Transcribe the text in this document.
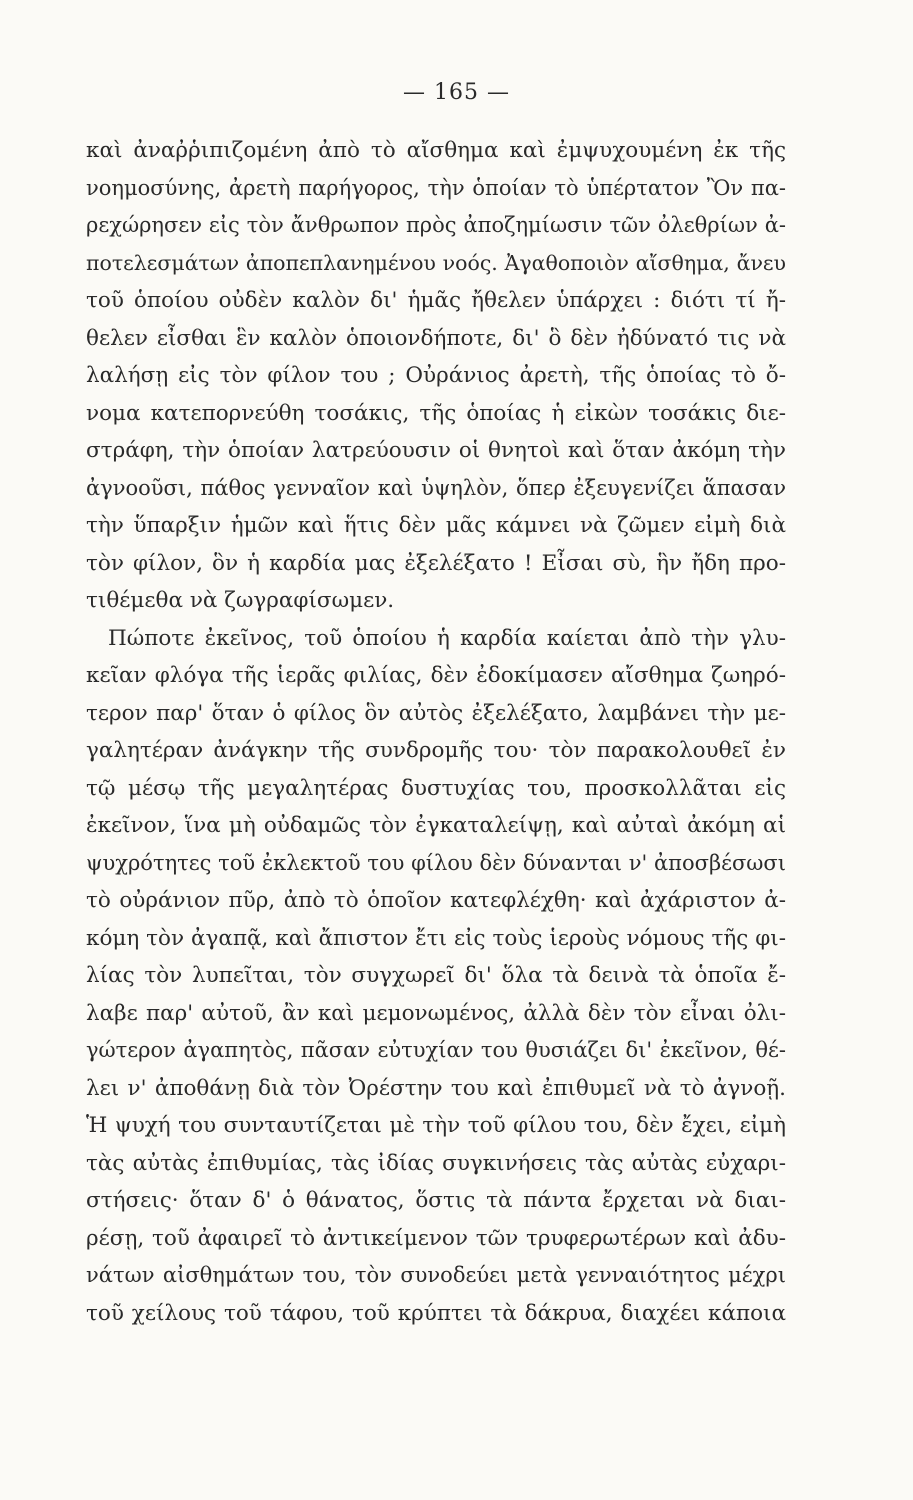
— 165 —
καὶ ἀναῤῥιπιζομένη ἀπὸ τὸ αἴσθημα καὶ ἐμψυχουμένη ἐκ τῆς
νοημοσύνης, ἀρετὴ παρήγορος, τὴν ὁποίαν τὸ ὑπέρτατον Ὂν πα-
ρεχώρησεν εἰς τὸν ἄνθρωπον πρὸς ἀποζημίωσιν τῶν ὀλεθρίων ἀ-
ποτελεσμάτων ἀποπεπλανημένου νοός. Ἀγαθοποιὸν αἴσθημα, ἄνευ
τοῦ ὁποίου οὐδὲν καλὸν δι' ἡμᾶς ἤθελεν ὑπάρχει : διότι τί ἤ-
θελεν εἶσθαι ἓν καλὸν ὁποιονδήποτε, δι' ὃ δὲν ἠδύνατό τις νὰ
λαλήσῃ εἰς τὸν φίλον του ; Οὐράνιος ἀρετὴ, τῆς ὁποίας τὸ ὄ-
νομα κατεπορνεύθη τοσάκις, τῆς ὁποίας ἡ εἰκὼν τοσάκις διε-
στράφη, τὴν ὁποίαν λατρεύουσιν οἱ θνητοὶ καὶ ὅταν ἀκόμη τὴν
ἀγνοοῦσι, πάθος γενναῖον καὶ ὑψηλὸν, ὅπερ ἐξευγενίζει ἅπασαν
τὴν ὕπαρξιν ἡμῶν καὶ ἥτις δὲν μᾶς κάμνει νὰ ζῶμεν εἰμὴ διὰ
τὸν φίλον, ὃν ἡ καρδία μας ἐξελέξατο ! Εἶσαι σὺ, ἣν ἤδη προ-
τιθέμεθα νὰ ζωγραφίσωμεν.
Πώποτε ἐκεῖνος, τοῦ ὁποίου ἡ καρδία καίεται ἀπὸ τὴν γλυ-
κεῖαν φλόγα τῆς ἱερᾶς φιλίας, δὲν ἐδοκίμασεν αἴσθημα ζωηρό-
τερον παρ' ὅταν ὁ φίλος ὃν αὐτὸς ἐξελέξατο, λαμβάνει τὴν με-
γαλητέραν ἀνάγκην τῆς συνδρομῆς του· τὸν παρακολουθεῖ ἐν
τῷ μέσῳ τῆς μεγαλητέρας δυστυχίας του, προσκολλᾶται εἰς
ἐκεῖνον, ἵνα μὴ οὐδαμῶς τὸν ἐγκαταλείψῃ, καὶ αὐταὶ ἀκόμη αἱ
ψυχρότητες τοῦ ἐκλεκτοῦ του φίλου δὲν δύνανται ν' ἀποσβέσωσι
τὸ οὐράνιον πῦρ, ἀπὸ τὸ ὁποῖον κατεφλέχθη· καὶ ἀχάριστον ἀ-
κόμη τὸν ἀγαπᾷ, καὶ ἄπιστον ἔτι εἰς τοὺς ἱεροὺς νόμους τῆς φι-
λίας τὸν λυπεῖται, τὸν συγχωρεῖ δι' ὅλα τὰ δεινὰ τὰ ὁποῖα ἔ-
λαβε παρ' αὐτοῦ, ἂν καὶ μεμονωμένος, ἀλλὰ δὲν τὸν εἶναι ὀλι-
γώτερον ἀγαπητὸς, πᾶσαν εὐτυχίαν του θυσιάζει δι' ἐκεῖνον, θέ-
λει ν' ἀποθάνῃ διὰ τὸν Ὀρέστην του καὶ ἐπιθυμεῖ νὰ τὸ ἀγνοῇ.
Ἡ ψυχή του συνταυτίζεται μὲ τὴν τοῦ φίλου του, δὲν ἔχει, εἰμὴ
τὰς αὐτὰς ἐπιθυμίας, τὰς ἰδίας συγκινήσεις τὰς αὐτὰς εὐχαρι-
στήσεις· ὅταν δ' ὁ θάνατος, ὅστις τὰ πάντα ἔρχεται νὰ διαι-
ρέσῃ, τοῦ ἀφαιρεῖ τὸ ἀντικείμενον τῶν τρυφερωτέρων καὶ ἀδυ-
νάτων αἰσθημάτων του, τὸν συνοδεύει μετὰ γενναιότητος μέχρι
τοῦ χείλους τοῦ τάφου, τοῦ κρύπτει τὰ δάκρυα, διαχέει κάποια
